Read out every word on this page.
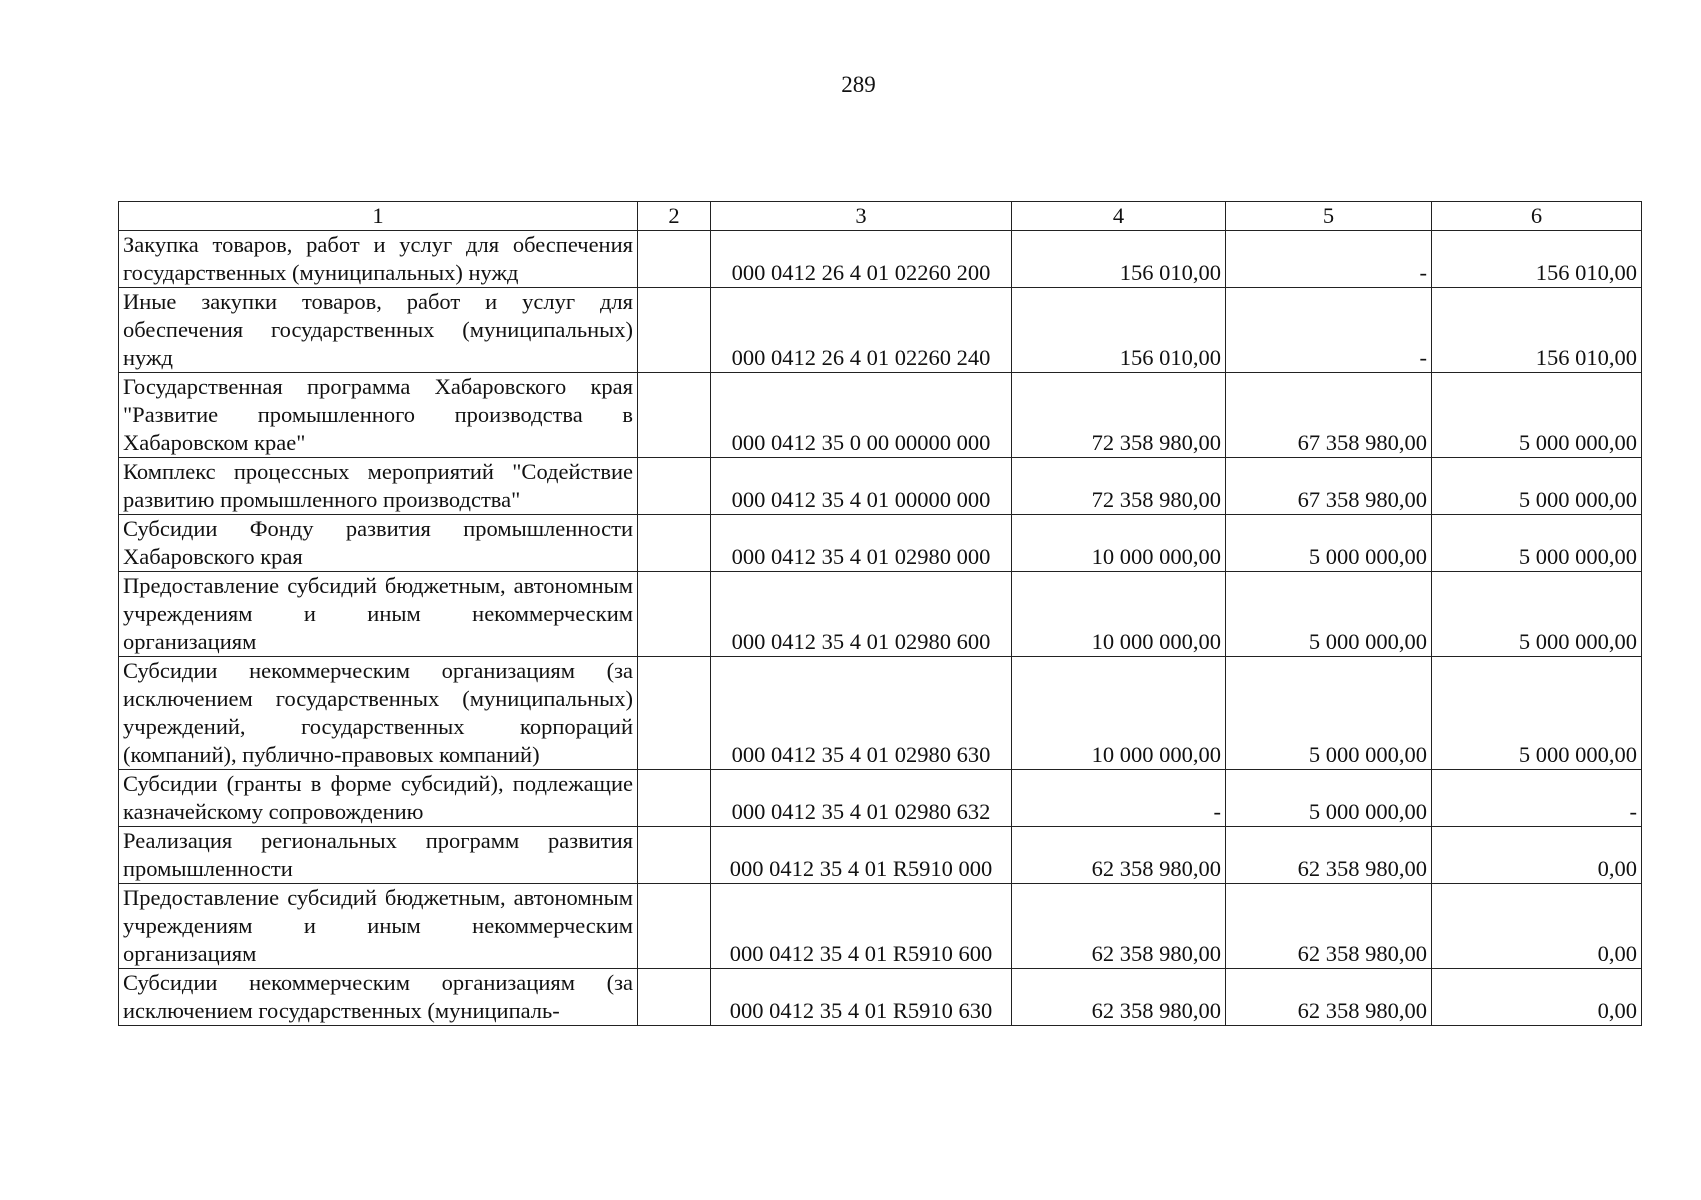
289
1	2	3	4	5	6
Закупка товаров, работ и услуг для обеспечения государственных (муниципальных) нужд		000 0412 26 4 01 02260 200	156 010,00	-	156 010,00
Иные закупки товаров, работ и услуг для обеспечения государственных (муниципальных) нужд		000 0412 26 4 01 02260 240	156 010,00	-	156 010,00
Государственная программа Хабаровского края "Развитие промышленного производства в Хабаровском крае"		000 0412 35 0 00 00000 000	72 358 980,00	67 358 980,00	5 000 000,00
Комплекс процессных мероприятий "Содействие развитию промышленного производства"		000 0412 35 4 01 00000 000	72 358 980,00	67 358 980,00	5 000 000,00
Субсидии Фонду развития промышленности Хабаровского края		000 0412 35 4 01 02980 000	10 000 000,00	5 000 000,00	5 000 000,00
Предоставление субсидий бюджетным, автономным учреждениям и иным некоммерческим организациям		000 0412 35 4 01 02980 600	10 000 000,00	5 000 000,00	5 000 000,00
Субсидии некоммерческим организациям (за исключением государственных (муниципальных) учреждений, государственных корпораций (компаний), публично-правовых компаний)		000 0412 35 4 01 02980 630	10 000 000,00	5 000 000,00	5 000 000,00
Субсидии (гранты в форме субсидий), подлежащие казначейскому сопровождению		000 0412 35 4 01 02980 632	-	5 000 000,00	-
Реализация региональных программ развития промышленности		000 0412 35 4 01 R5910 000	62 358 980,00	62 358 980,00	0,00
Предоставление субсидий бюджетным, автономным учреждениям и иным некоммерческим организациям		000 0412 35 4 01 R5910 600	62 358 980,00	62 358 980,00	0,00
Субсидии некоммерческим организациям (за исключением государственных (муниципаль-		000 0412 35 4 01 R5910 630	62 358 980,00	62 358 980,00	0,00
